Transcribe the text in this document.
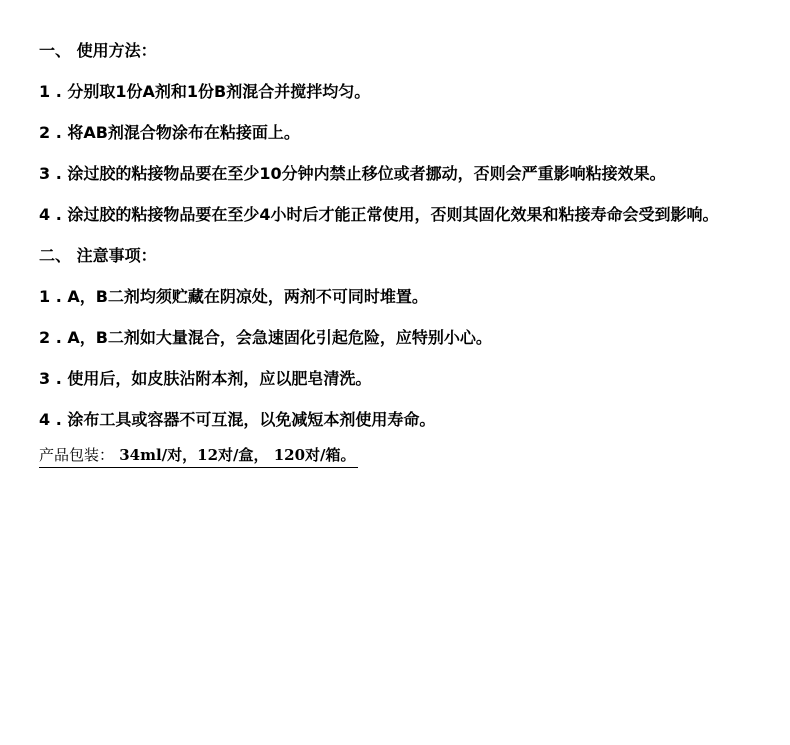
一、 使用方法：

1 . 分别取1份A剂和1份B剂混合并搅拌均匀。

2 . 将AB剂混合物涂布在粘接面上。

3 . 涂过胶的粘接物品要在至少10分钟内禁止移位或者挪动，否则会严重影响粘接效果。

4 . 涂过胶的粘接物品要在至少4小时后才能正常使用，否则其固化效果和粘接寿命会受到影响。

二、 注意事项：

1 . A，B二剂均须贮藏在阴凉处，两剂不可同时堆置。

2 . A，B二剂如大量混合，会急速固化引起危险，应特别小心。

3 . 使用后，如皮肤沾附本剂，应以肥皂清洗。

4 . 涂布工具或容器不可互混，以免减短本剂使用寿命。

产品包装： 34ml/对，12对/盒， 120对/箱。
